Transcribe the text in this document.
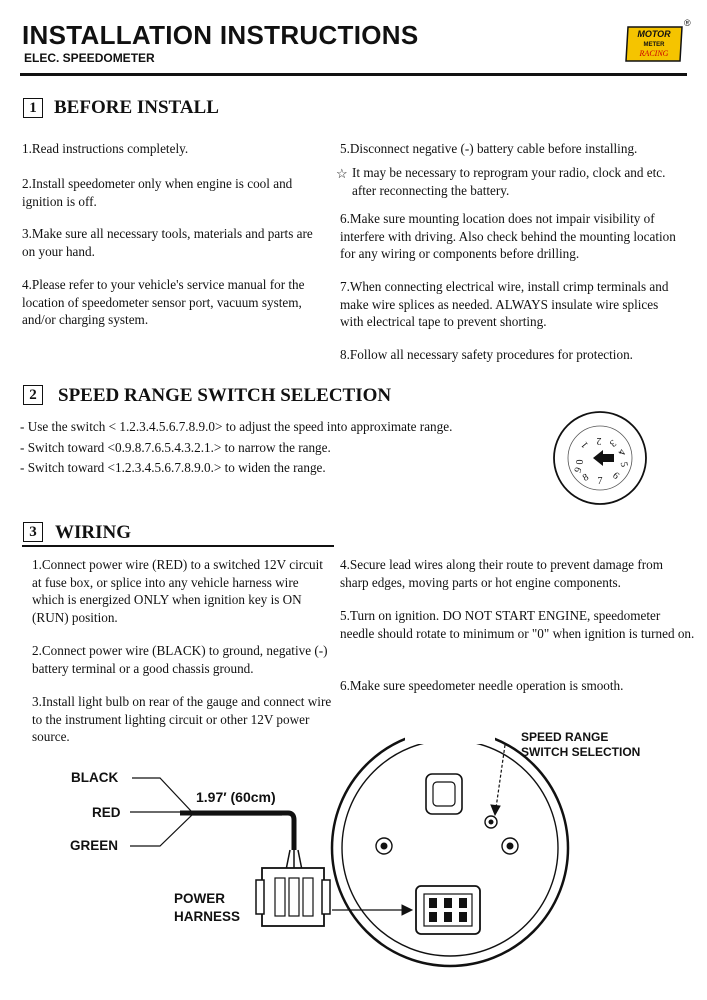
INSTALLATION INSTRUCTIONS
ELEC. SPEEDOMETER
MOTOR
METER
RACING
®
1 BEFORE INSTALL
1.Read instructions completely.
2.Install speedometer only when engine is cool and ignition is off.
3.Make sure all necessary tools, materials and parts are on your hand.
4.Please refer to your vehicle's service manual for the location of speedometer sensor port, vacuum system, and/or charging system.
5.Disconnect negative (-) battery cable before installing.
☆ It may be necessary to reprogram your radio, clock and etc. after reconnecting the battery.
6.Make sure mounting location does not impair visibility of interfere with driving. Also check behind the mounting location for any wiring or components before drilling.
7.When connecting electrical wire, install crimp terminals and make wire splices as needed. ALWAYS insulate wire splices with electrical tape to prevent shorting.
8.Follow all necessary safety procedures for protection.
2	SPEED RANGE SWITCH SELECTION
- Use the switch < 1.2.3.4.5.6.7.8.9.0> to adjust the speed into approximate range.
- Switch toward <0.9.8.7.6.5.4.3.2.1.> to narrow the range.
- Switch toward <1.2.3.4.5.6.7.8.9.0.> to widen the range.	0
1 2 3
4
5
6
7
8
9
3 WIRING
1.Connect power wire (RED) to a switched 12V circuit at fuse box, or splice into any vehicle harness wire which is energized ONLY when ignition key is ON (RUN) position.
2.Connect power wire (BLACK) to ground, negative (-) battery terminal or a good chassis ground.
3.Install light bulb on rear of the gauge and connect wire to the instrument lighting circuit or other 12V power source.
4.Secure lead wires along their route to prevent damage from sharp edges, moving parts or hot engine components.
5.Turn on ignition. DO NOT START ENGINE, speedometer needle should rotate to minimum or "0" when ignition is turned on.
6.Make sure speedometer needle operation is smooth.
BLACK
RED
GREEN
1.97′ (60cm)
POWER
HARNESS
SPEED RANGE
SWITCH SELECTION
